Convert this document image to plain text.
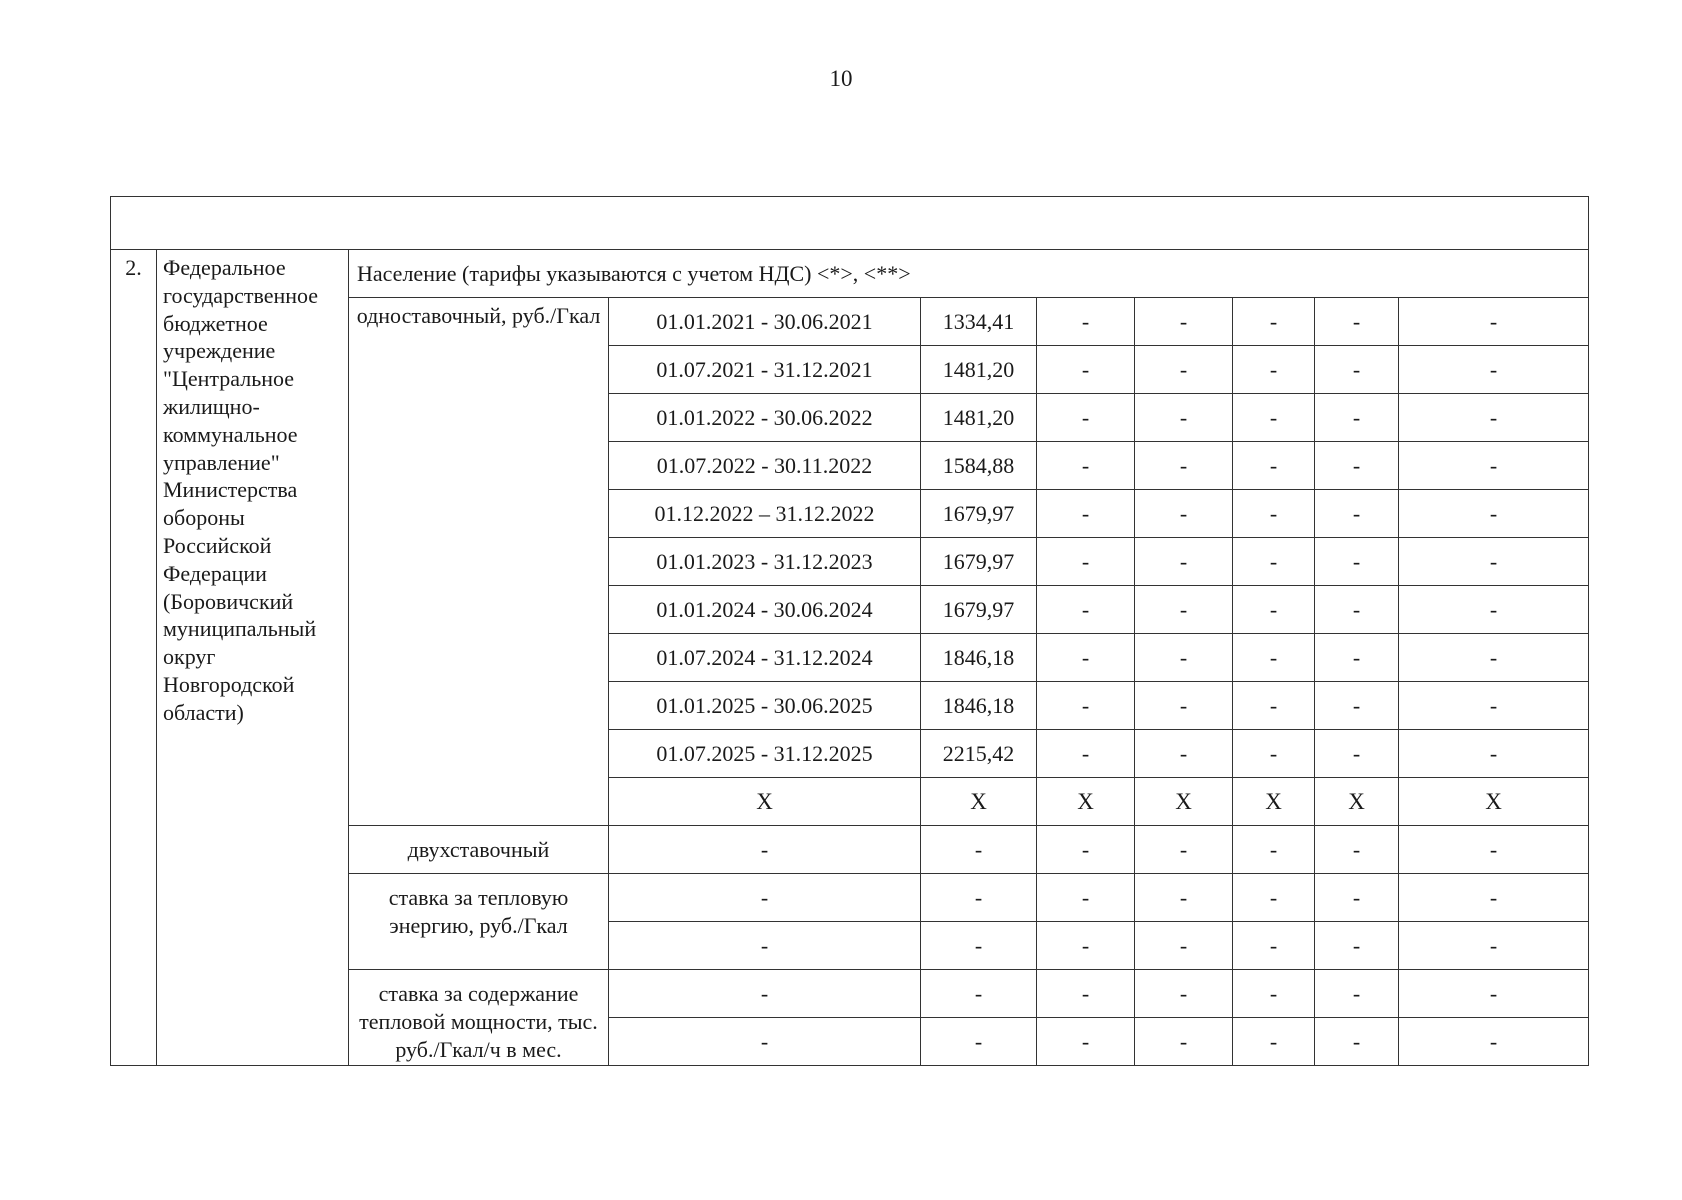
10

2.	Федеральное государственное бюджетное учреждение "Центральное жилищно-коммунальное управление" Министерства обороны Российской Федерации (Боровичский муниципальный округ Новгородской области)	Население (тарифы указываются с учетом НДС) <*>, <**>							
		одноставочный, руб./Гкал	01.01.2021 - 30.06.2021	1334,41	-	-	-	-	-
			01.07.2021 - 31.12.2021	1481,20	-	-	-	-	-
			01.01.2022 - 30.06.2022	1481,20	-	-	-	-	-
			01.07.2022 - 30.11.2022	1584,88	-	-	-	-	-
			01.12.2022 – 31.12.2022	1679,97	-	-	-	-	-
			01.01.2023 - 31.12.2023	1679,97	-	-	-	-	-
			01.01.2024 - 30.06.2024	1679,97	-	-	-	-	-
			01.07.2024 - 31.12.2024	1846,18	-	-	-	-	-
			01.01.2025 - 30.06.2025	1846,18	-	-	-	-	-
			01.07.2025 - 31.12.2025	2215,42	-	-	-	-	-
			X	X	X	X	X	X	X
		двухставочный	-	-	-	-	-	-	-
		ставка за тепловую энергию, руб./Гкал	-	-	-	-	-	-	-
			-	-	-	-	-	-	-
		ставка за содержание тепловой мощности, тыс. руб./Гкал/ч в мес.	-	-	-	-	-	-	-
			-	-	-	-	-	-	-
